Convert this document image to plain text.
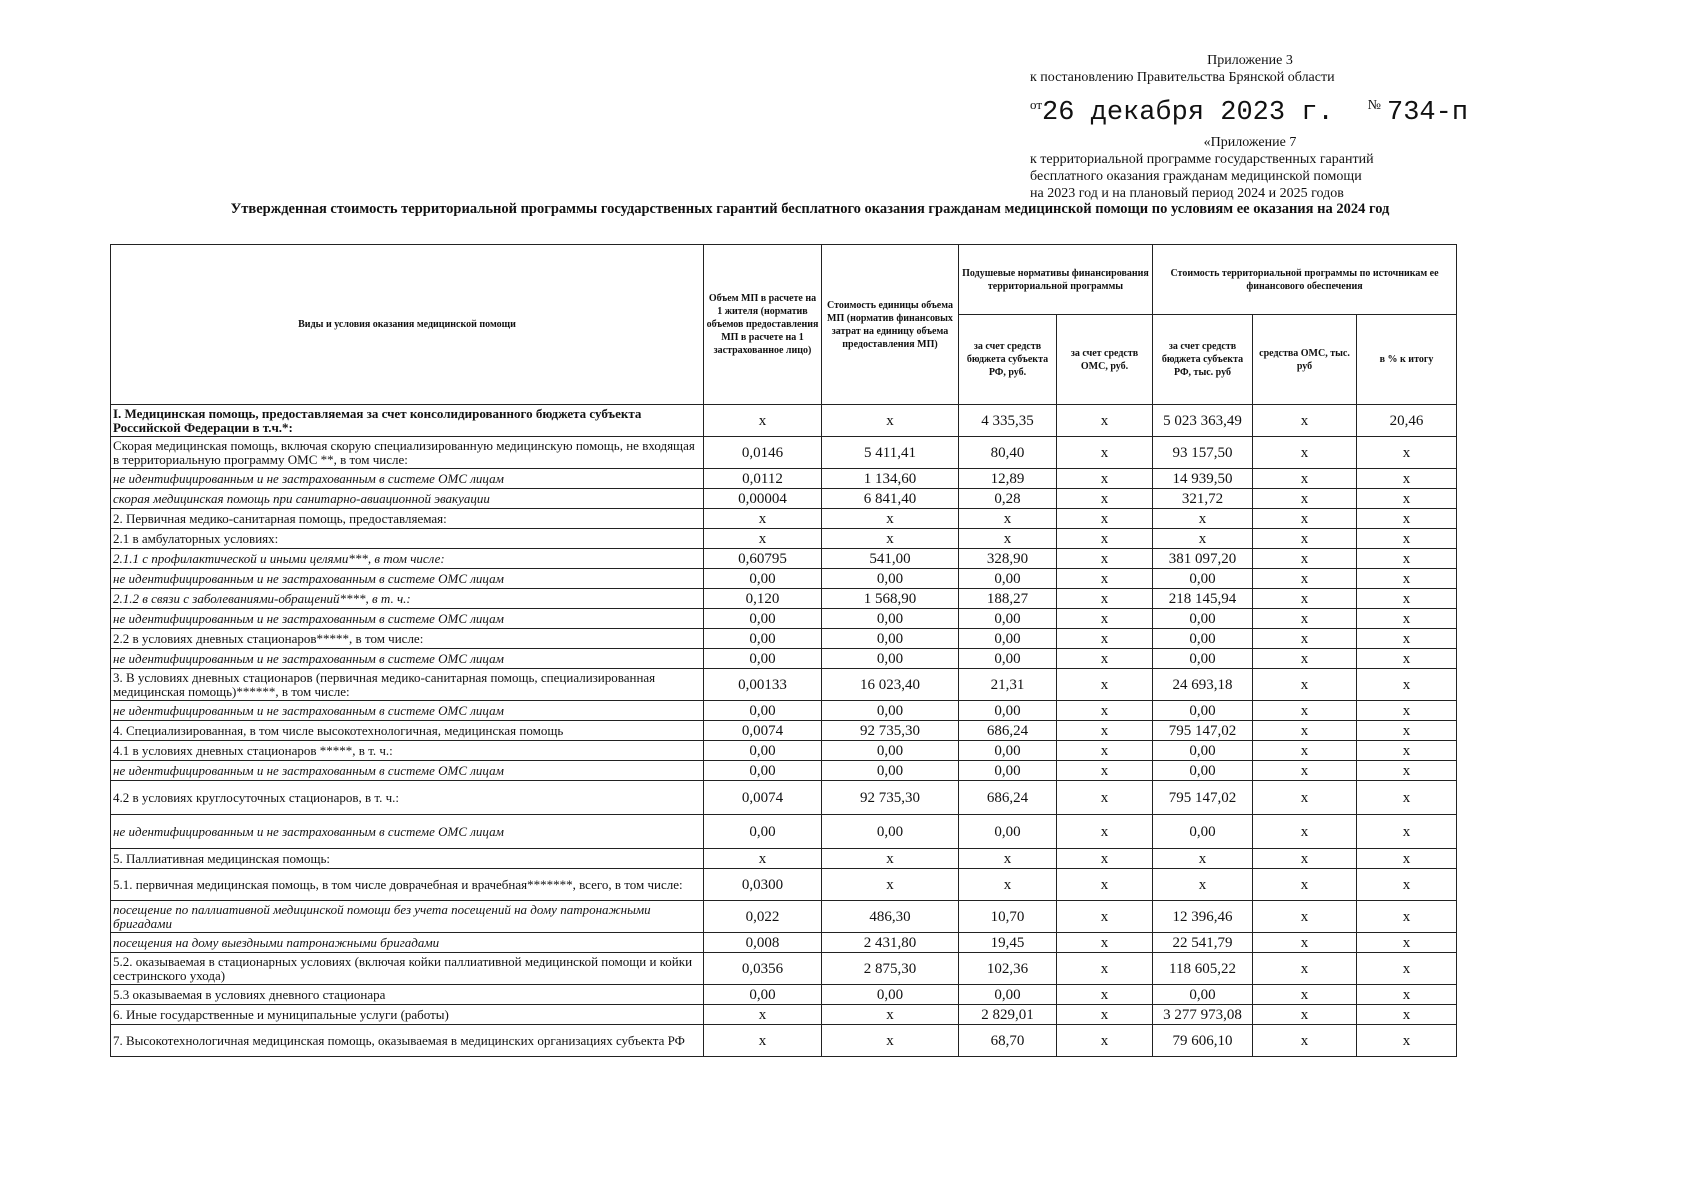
Приложение 3
к постановлению Правительства Брянской области
$^{от}$26 декабря 2023 г. № 734-п
«Приложение 7
к территориальной программе государственных гарантий
бесплатного оказания гражданам медицинской помощи
на 2023 год и на плановый период 2024 и 2025 годов
Утвержденная стоимость территориальной программы государственных гарантий бесплатного оказания гражданам медицинской помощи по условиям ее оказания на 2024 год
Виды и условия оказания медицинской помощи	Объем МП в расчете на 1 жителя (норматив объемов предоставления МП в расчете на 1 застрахованное лицо)	Стоимость единицы объема МП (норматив финансовых затрат на единицу объема предоставления МП)	Подушевые нормативы финансирования территориальной программы		Стоимость территориальной программы по источникам ее финансового обеспечения		
			за счет средств бюджета субъекта РФ, руб.	за счет средств ОМС, руб.	за счет средств бюджета субъекта РФ, тыс. руб	средства ОМС, тыс. руб	в % к итогу
I. Медицинская помощь, предоставляемая за счет консолидированного бюджета субъекта Российской Федерации в т.ч.*:	х	х	4 335,35	х	5 023 363,49	х	20,46
Скорая медицинская помощь, включая скорую специализированную медицинскую помощь, не входящая в территориальную программу ОМС **, в том числе:	0,0146	5 411,41	80,40	х	93 157,50	х	х
не идентифицированным и не застрахованным в системе ОМС лицам	0,0112	1 134,60	12,89	х	14 939,50	х	х
скорая медицинская помощь при санитарно-авиационной эвакуации	0,00004	6 841,40	0,28	х	321,72	х	х
2. Первичная медико-санитарная помощь, предоставляемая:	х	х	х	х	х	х	х
2.1 в амбулаторных условиях:	х	х	х	х	х	х	х
2.1.1 с профилактической и иными целями***, в том числе:	0,60795	541,00	328,90	х	381 097,20	х	х
не идентифицированным и не застрахованным в системе ОМС лицам	0,00	0,00	0,00	х	0,00	х	х
2.1.2 в связи с заболеваниями-обращений****, в т. ч.:	0,120	1 568,90	188,27	х	218 145,94	х	х
не идентифицированным и не застрахованным в системе ОМС лицам	0,00	0,00	0,00	х	0,00	х	х
2.2 в условиях дневных стационаров*****, в том числе:	0,00	0,00	0,00	х	0,00	х	х
не идентифицированным и не застрахованным в системе ОМС лицам	0,00	0,00	0,00	х	0,00	х	х
3. В условиях дневных стационаров (первичная медико-санитарная помощь, специализированная медицинская помощь)******, в том числе:	0,00133	16 023,40	21,31	х	24 693,18	х	х
не идентифицированным и не застрахованным в системе ОМС лицам	0,00	0,00	0,00	х	0,00	х	х
4. Специализированная, в том числе высокотехнологичная, медицинская помощь	0,0074	92 735,30	686,24	х	795 147,02	х	х
4.1 в условиях дневных стационаров *****, в т. ч.:	0,00	0,00	0,00	х	0,00	х	х
не идентифицированным и не застрахованным в системе ОМС лицам	0,00	0,00	0,00	х	0,00	х	х
4.2 в условиях круглосуточных стационаров, в т. ч.:	0,0074	92 735,30	686,24	х	795 147,02	х	х
не идентифицированным и не застрахованным в системе ОМС лицам	0,00	0,00	0,00	х	0,00	х	х
5. Паллиативная медицинская помощь:	х	х	х	х	х	х	х
5.1. первичная медицинская помощь, в том числе доврачебная и врачебная*******, всего, в том числе:	0,0300	х	х	х	х	х	х
посещение по паллиативной медицинской помощи без учета посещений на дому патронажными бригадами	0,022	486,30	10,70	х	12 396,46	х	х
посещения на дому выездными патронажными бригадами	0,008	2 431,80	19,45	х	22 541,79	х	х
5.2. оказываемая в стационарных условиях (включая койки паллиативной медицинской помощи и койки сестринского ухода)	0,0356	2 875,30	102,36	х	118 605,22	х	х
5.3 оказываемая в условиях дневного стационара	0,00	0,00	0,00	х	0,00	х	х
6. Иные государственные и муниципальные услуги (работы)	х	х	2 829,01	х	3 277 973,08	х	х
7. Высокотехнологичная медицинская помощь, оказываемая в медицинских организациях субъекта РФ	х	х	68,70	х	79 606,10	х	х
